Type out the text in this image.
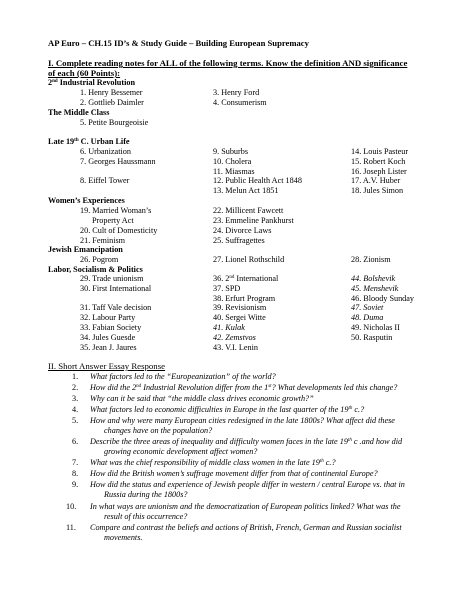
AP Euro – CH.15 ID’s & Study Guide – Building European Supremacy
I. Complete reading notes for ALL of the following terms. Know the definition AND significance
of each (60 Points):
2nd Industrial Revolution
1. Henry Bessemer
2. Gottlieb Daimler
3. Henry Ford
4. Consumerism
The Middle Class
5. Petite Bourgeoisie
Late 19th C. Urban Life
6. Urbanization
7. Georges Haussmann
8. Eiffel Tower
9. Suburbs
10. Cholera
11. Miasmas
12. Public Health Act 1848
13. Melun Act 1851
14. Louis Pasteur
15. Robert Koch
16. Joseph Lister
17. A.V. Huber
18. Jules Simon
Women’s Experiences
19. Married Woman’s
Property Act
20. Cult of Domesticity
21. Feminism
22. Millicent Fawcett
23. Emmeline Pankhurst
24. Divorce Laws
25. Suffragettes
Jewish Emancipation
26. Pogrom	27. Lionel Rothschild	28. Zionism
Labor, Socialism & Politics
29. Trade unionism
30. First International
31. Taff Vale decision
32. Labour Party
33. Fabian Society
34. Jules Guesde
35. Jean J. Jaures
36. 2nd International
37. SPD
38. Erfurt Program
39. Revisionism
40. Sergei Witte
41. Kulak
42. Zemstvos
43. V.I. Lenin
44. Bolshevik
45. Menshevik
46. Bloody Sunday
47. Soviet
48. Duma
49. Nicholas II
50. Rasputin
II. Short Answer Essay Response
1. What factors led to the “Europeanization” of the world?
2. How did the 2nd Industrial Revolution differ from the 1st? What developments led this change?
3. Why can it be said that “the middle class drives economic growth?”
4. What factors led to economic difficulties in Europe in the last quarter of the 19th c.?
5. How and why were many European cities redesigned in the late 1800s? What affect did these
changes have on the population?
6. Describe the three areas of inequality and difficulty women faces in the late 19th c .and how did
growing economic development affect women?
7. What was the chief responsibility of middle class women in the late 19th c.?
8. How did the British women’s suffrage movement differ from that of continental Europe?
9. How did the status and experience of Jewish people differ in western / central Europe vs. that in
Russia during the 1800s?
10. In what ways are unionism and the democratization of European politics linked? What was the
result of this occurrence?
11. Compare and contrast the beliefs and actions of British, French, German and Russian socialist
movements.
